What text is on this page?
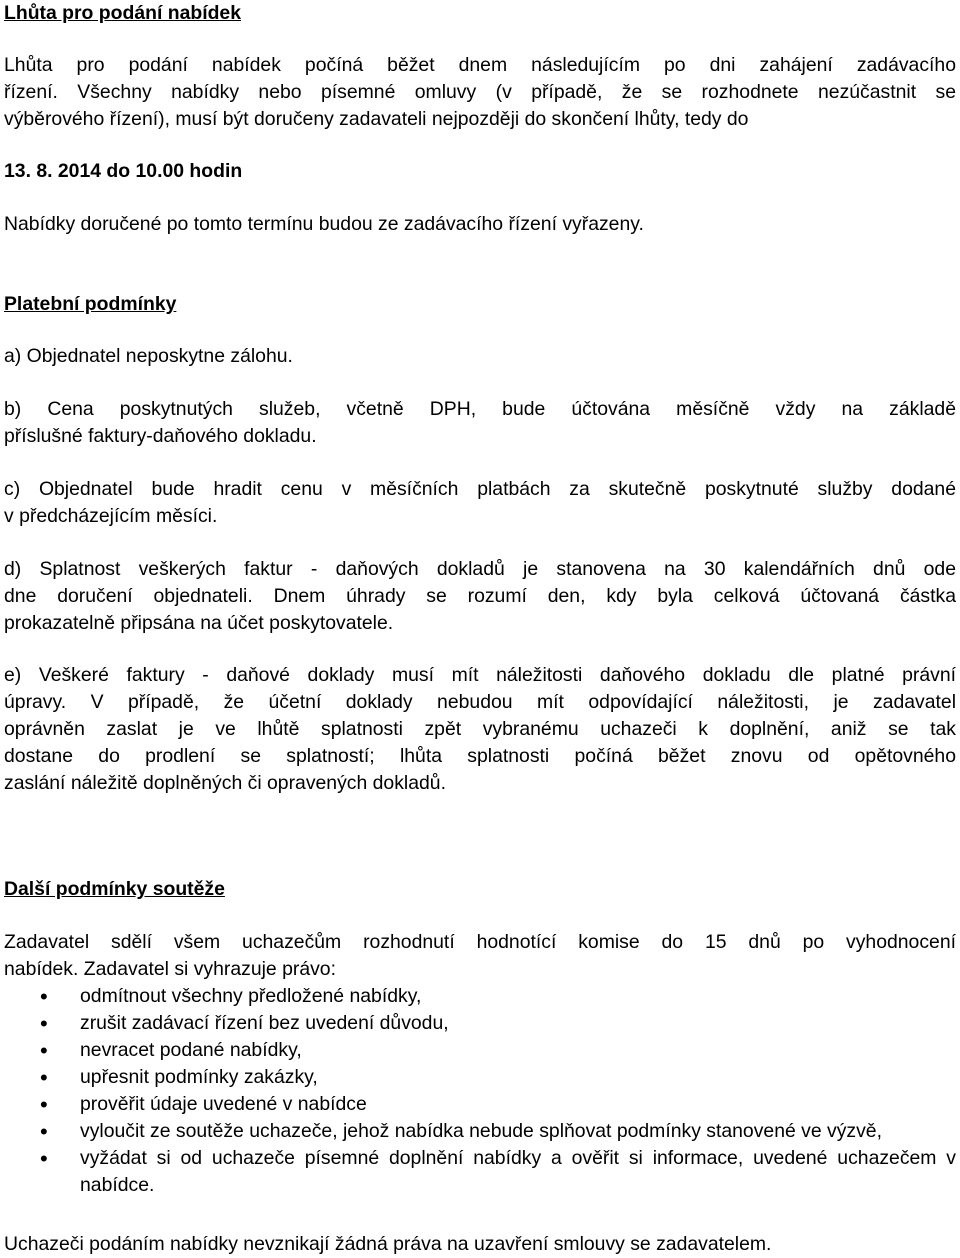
Lhůta pro podání nabídek
Lhůta pro podání nabídek počíná běžet dnem následujícím po dni zahájení zadávacího
řízení. Všechny nabídky nebo písemné omluvy (v případě, že se rozhodnete nezúčastnit se
výběrového řízení), musí být doručeny zadavateli nejpozději do skončení lhůty, tedy do
13. 8. 2014 do 10.00 hodin
Nabídky doručené po tomto termínu budou ze zadávacího řízení vyřazeny.
Platební podmínky
a) Objednatel neposkytne zálohu.
b) Cena poskytnutých služeb, včetně DPH, bude účtována měsíčně vždy na základě
příslušné faktury-daňového dokladu.
c) Objednatel bude hradit cenu v měsíčních platbách za skutečně poskytnuté služby dodané
v předcházejícím měsíci.
d) Splatnost veškerých faktur - daňových dokladů je stanovena na 30 kalendářních dnů ode
dne doručení objednateli. Dnem úhrady se rozumí den, kdy byla celková účtovaná částka
prokazatelně připsána na účet poskytovatele.
e) Veškeré faktury - daňové doklady musí mít náležitosti daňového dokladu dle platné právní
úpravy. V případě, že účetní doklady nebudou mít odpovídající náležitosti, je zadavatel
oprávněn zaslat je ve lhůtě splatnosti zpět vybranému uchazeči k doplnění, aniž se tak
dostane do prodlení se splatností; lhůta splatnosti počíná běžet znovu od opětovného
zaslání náležitě doplněných či opravených dokladů.
Další podmínky soutěže
Zadavatel sdělí všem uchazečům rozhodnutí hodnotící komise do 15 dnů po vyhodnocení
nabídek. Zadavatel si vyhrazuje právo:
• odmítnout všechny předložené nabídky,
• zrušit zadávací řízení bez uvedení důvodu,
• nevracet podané nabídky,
• upřesnit podmínky zakázky,
• prověřit údaje uvedené v nabídce
• vyloučit ze soutěže uchazeče, jehož nabídka nebude splňovat podmínky stanovené ve výzvě,
• vyžádat si od uchazeče písemné doplnění nabídky a ověřit si informace, uvedené uchazečem v nabídce.
Uchazeči podáním nabídky nevznikají žádná práva na uzavření smlouvy se zadavatelem.
